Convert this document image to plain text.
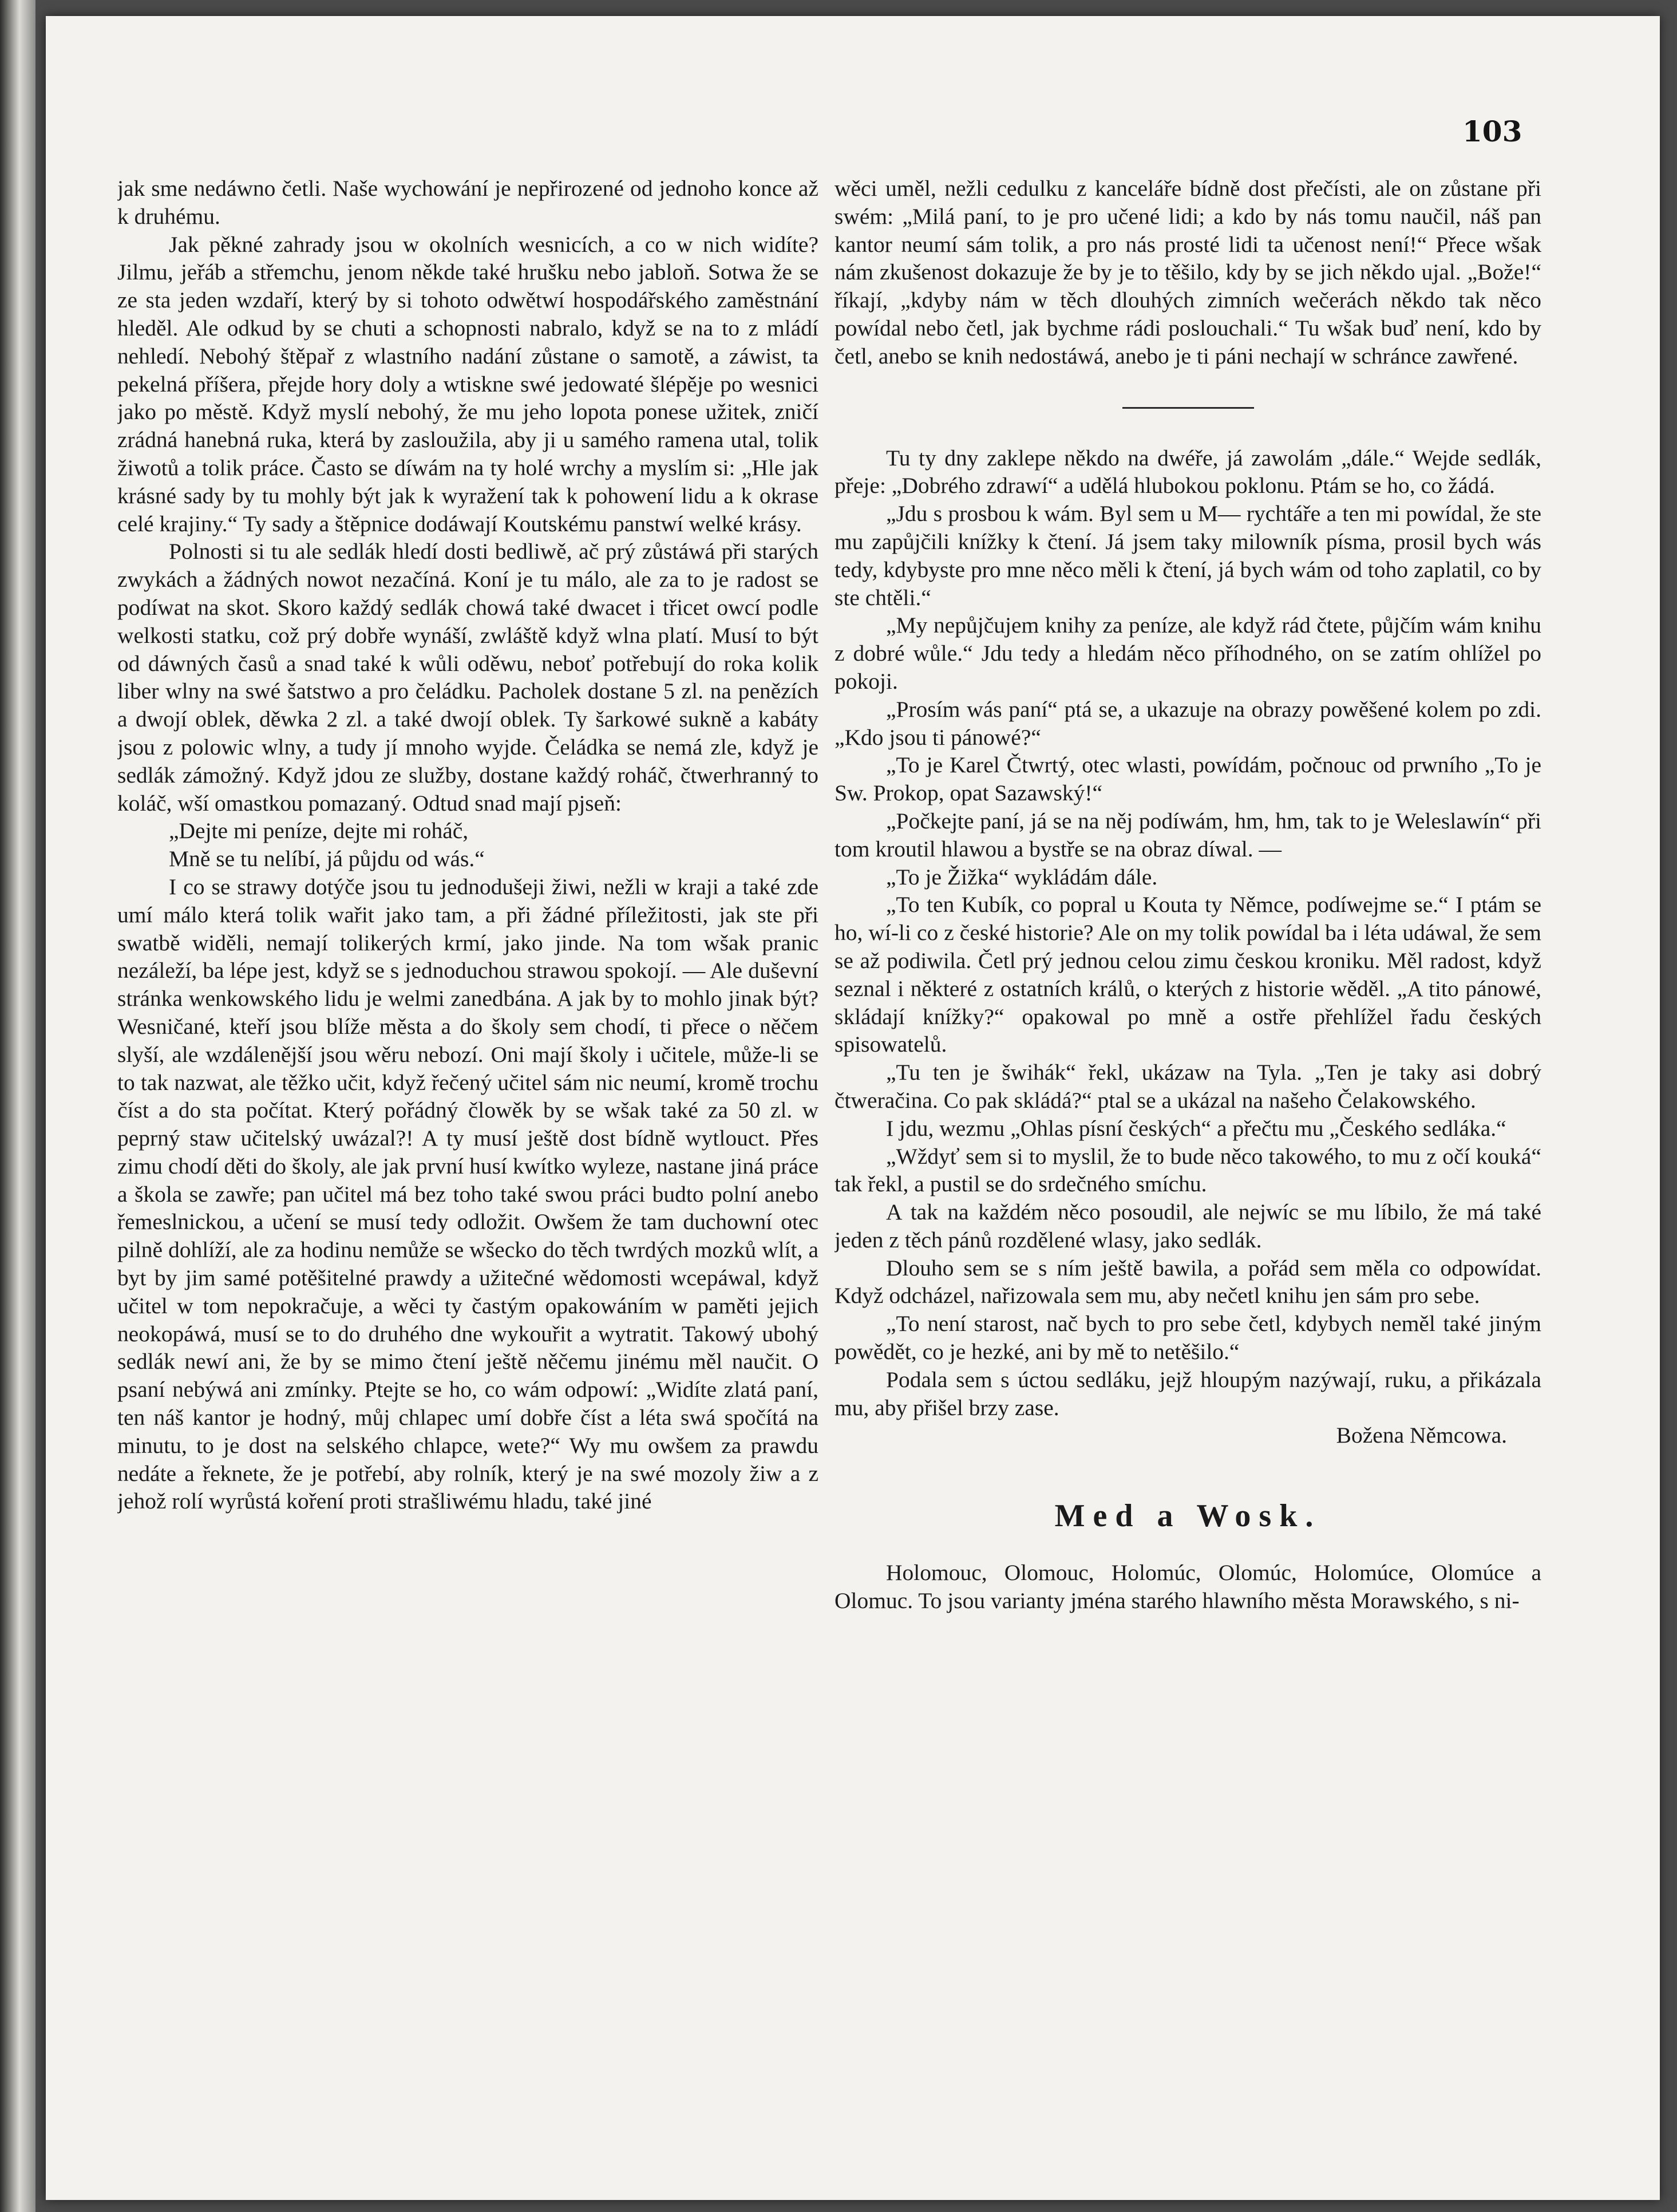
103

jak sme nedáwno četli. Naše wychowání je nepřirozené od jednoho konce až k druhému.

Jak pěkné zahrady jsou w okolních wesnicích, a co w nich widíte? Jilmu, jeřáb a střemchu, jenom někde také hrušku nebo jabloň. Sotwa že se ze sta jeden wzdaří, který by si tohoto odwětwí hospodářského zaměstnání hleděl. Ale odkud by se chuti a schopnosti nabralo, když se na to z mládí nehledí. Nebohý štěpař z wlastního nadání zůstane o samotě, a záwist, ta pekelná příšera, přejde hory doly a wtiskne swé jedowaté šlépěje po wesnici jako po městě. Když myslí nebohý, že mu jeho lopota ponese užitek, zničí zrádná hanebná ruka, která by zasloužila, aby ji u samého ramena utal, tolik žiwotů a tolik práce. Často se díwám na ty holé wrchy a myslím si: „Hle jak krásné sady by tu mohly být jak k wyražení tak k pohowení lidu a k okrase celé krajiny.“ Ty sady a štěpnice dodáwají Koutskému panstwí welké krásy.

Polnosti si tu ale sedlák hledí dosti bedliwě, ač prý zůstáwá při starých zwykách a žádných nowot nezačíná. Koní je tu málo, ale za to je radost se podíwat na skot. Skoro každý sedlák chowá také dwacet i třicet owcí podle welkosti statku, což prý dobře wynáší, zwláště když wlna platí. Musí to být od dáwných časů a snad také k wůli oděwu, neboť potřebují do roka kolik liber wlny na swé šatstwo a pro čeládku. Pacholek dostane 5 zl. na penězích a dwojí oblek, děwka 2 zl. a také dwojí oblek. Ty šarkowé sukně a kabáty jsou z polowic wlny, a tudy jí mnoho wyjde. Čeládka se nemá zle, když je sedlák zámožný. Když jdou ze služby, dostane každý roháč, čtwerhranný to koláč, wší omastkou pomazaný. Odtud snad mají pjseň:

„Dejte mi peníze, dejte mi roháč,

Mně se tu nelíbí, já půjdu od wás.“

I co se strawy dotýče jsou tu jednodušeji žiwi, nežli w kraji a také zde umí málo která tolik wařit jako tam, a při žádné příležitosti, jak ste při swatbě widěli, nemají tolikerých krmí, jako jinde. Na tom wšak pranic nezáleží, ba lépe jest, když se s jednoduchou strawou spokojí. — Ale duševní stránka wenkowského lidu je welmi zanedbána. A jak by to mohlo jinak být? Wesničané, kteří jsou blíže města a do školy sem chodí, ti přece o něčem slyší, ale wzdálenější jsou wěru nebozí. Oni mají školy i učitele, může-li se to tak nazwat, ale těžko učit, když řečený učitel sám nic neumí, kromě trochu číst a do sta počítat. Který pořádný člowěk by se wšak také za 50 zl. w peprný staw učitelský uwázal?! A ty musí ještě dost bídně wytlouct. Přes zimu chodí děti do školy, ale jak první husí kwítko wyleze, nastane jiná práce a škola se zawře; pan učitel má bez toho také swou práci budto polní anebo řemeslnickou, a učení se musí tedy odložit. Owšem že tam duchowní otec pilně dohlíží, ale za hodinu nemůže se wšecko do těch twrdých mozků wlít, a byt by jim samé potěšitelné prawdy a užitečné wědomosti wcepáwal, když učitel w tom nepokračuje, a wěci ty častým opakowáním w paměti jejich neokopáwá, musí se to do druhého dne wykouřit a wytratit. Takowý ubohý sedlák newí ani, že by se mimo čtení ještě něčemu jinému měl naučit. O psaní nebýwá ani zmínky. Ptejte se ho, co wám odpowí: „Widíte zlatá paní, ten náš kantor je hodný, můj chlapec umí dobře číst a léta swá spočítá na minutu, to je dost na selského chlapce, wete?“ Wy mu owšem za prawdu nedáte a řeknete, že je potřebí, aby rolník, který je na swé mozoly žiw a z jehož rolí wyrůstá koření proti strašliwému hladu, také jiné

wěci uměl, nežli cedulku z kanceláře bídně dost přečísti, ale on zůstane při swém: „Milá paní, to je pro učené lidi; a kdo by nás tomu naučil, náš pan kantor neumí sám tolik, a pro nás prosté lidi ta učenost není!“ Přece wšak nám zkušenost dokazuje že by je to těšilo, kdy by se jich někdo ujal. „Bože!“ říkají, „kdyby nám w těch dlouhých zimních wečerách někdo tak něco powídal nebo četl, jak bychme rádi poslouchali.“ Tu wšak buď není, kdo by četl, anebo se knih nedostáwá, anebo je ti páni nechají w schránce zawřené.

Tu ty dny zaklepe někdo na dwéře, já zawolám „dále.“ Wejde sedlák, přeje: „Dobrého zdrawí“ a udělá hlubokou poklonu. Ptám se ho, co žádá.

„Jdu s prosbou k wám. Byl sem u M— rychtáře a ten mi powídal, že ste mu zapůjčili knížky k čtení. Já jsem taky milowník písma, prosil bych wás tedy, kdybyste pro mne něco měli k čtení, já bych wám od toho zaplatil, co by ste chtěli.“

„My nepůjčujem knihy za peníze, ale když rád čtete, půjčím wám knihu z dobré wůle.“ Jdu tedy a hledám něco příhodného, on se zatím ohlížel po pokoji.

„Prosím wás paní“ ptá se, a ukazuje na obrazy powěšené kolem po zdi. „Kdo jsou ti pánowé?“

„To je Karel Čtwrtý, otec wlasti, powídám, počnouc od prwního „To je Sw. Prokop, opat Sazawský!“

„Počkejte paní, já se na něj podíwám, hm, hm, tak to je Weleslawín“ při tom kroutil hlawou a bystře se na obraz díwal. —

„To je Žižka“ wykládám dále.

„To ten Kubík, co popral u Kouta ty Němce, podíwejme se.“ I ptám se ho, wí-li co z české historie? Ale on my tolik powídal ba i léta udáwal, že sem se až podiwila. Četl prý jednou celou zimu českou kroniku. Měl radost, když seznal i některé z ostatních králů, o kterých z historie wěděl. „A tito pánowé, skládají knížky?“ opakowal po mně a ostře přehlížel řadu českých spisowatelů.

„Tu ten je šwihák“ řekl, ukázaw na Tyla. „Ten je taky asi dobrý čtweračina. Co pak skládá?“ ptal se a ukázal na našeho Čelakowského.

I jdu, wezmu „Ohlas písní českých“ a přečtu mu „Českého sedláka.“

„Wždyť sem si to myslil, že to bude něco takowého, to mu z očí kouká“ tak řekl, a pustil se do srdečného smíchu.

A tak na každém něco posoudil, ale nejwíc se mu líbilo, že má také jeden z těch pánů rozdělené wlasy, jako sedlák.

Dlouho sem se s ním ještě bawila, a pořád sem měla co odpowídat. Když odcházel, nařizowala sem mu, aby nečetl knihu jen sám pro sebe.

„To není starost, nač bych to pro sebe četl, kdybych neměl také jiným powědět, co je hezké, ani by mě to netěšilo.“

Podala sem s úctou sedláku, jejž hloupým nazýwají, ruku, a přikázala mu, aby přišel brzy zase.

Božena Němcowa.

Med a Wosk.

Holomouc, Olomouc, Holomúc, Olomúc, Holomúce, Olomúce a Olomuc. To jsou varianty jména starého hlawního města Morawského, s ni-
